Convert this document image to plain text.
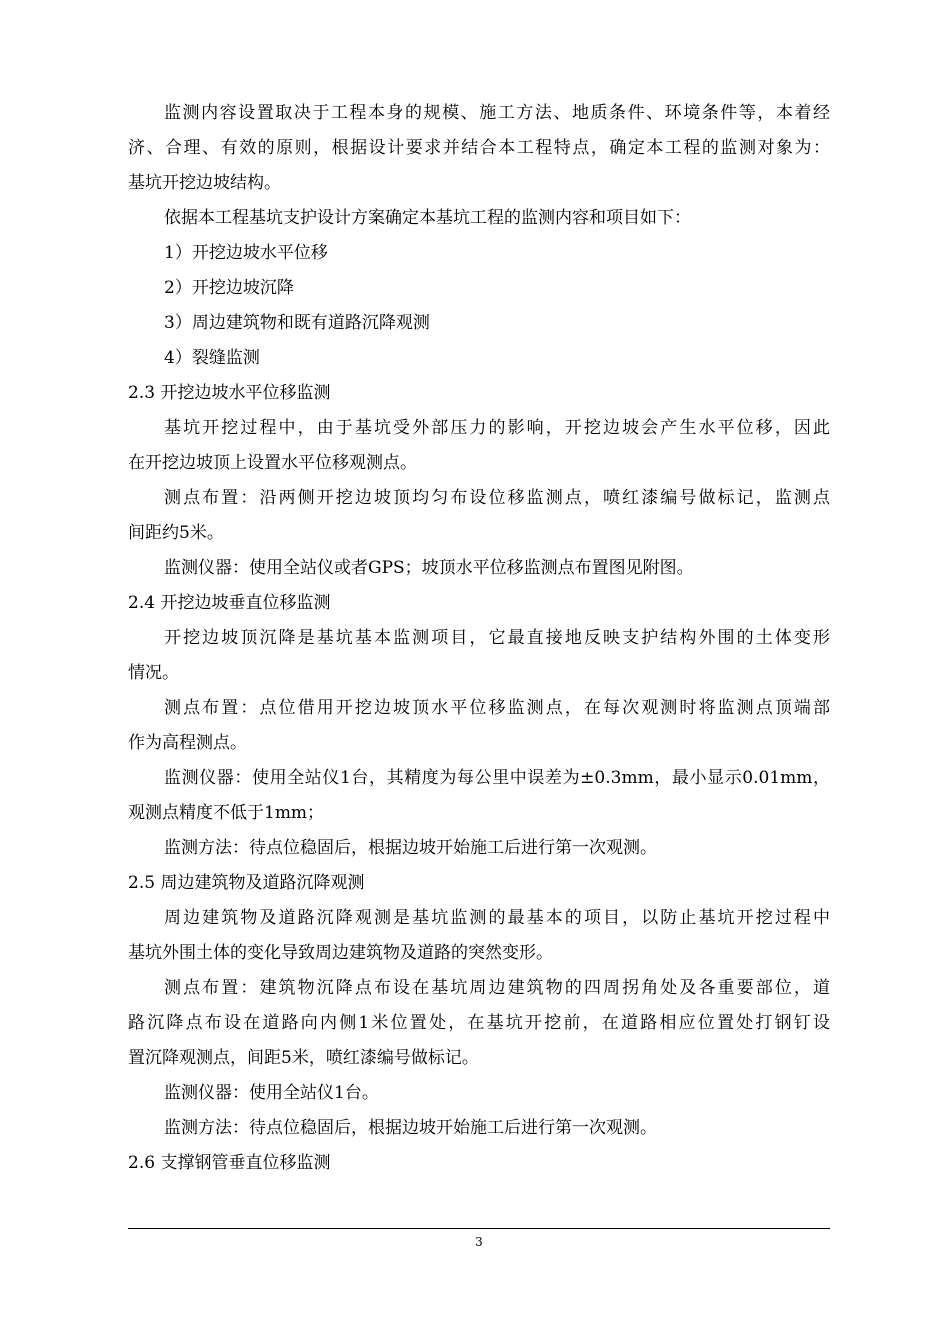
监测内容设置取决于工程本身的规模、施工方法、地质条件、环境条件等，本着经
济、合理、有效的原则，根据设计要求并结合本工程特点，确定本工程的监测对象为：
基坑开挖边坡结构。
依据本工程基坑支护设计方案确定本基坑工程的监测内容和项目如下：
1）开挖边坡水平位移
2）开挖边坡沉降
3）周边建筑物和既有道路沉降观测
4）裂缝监测
2.3 开挖边坡水平位移监测
基坑开挖过程中，由于基坑受外部压力的影响，开挖边坡会产生水平位移，因此
在开挖边坡顶上设置水平位移观测点。
测点布置：沿两侧开挖边坡顶均匀布设位移监测点，喷红漆编号做标记，监测点
间距约5米。
监测仪器：使用全站仪或者GPS；坡顶水平位移监测点布置图见附图。
2.4 开挖边坡垂直位移监测
开挖边坡顶沉降是基坑基本监测项目，它最直接地反映支护结构外围的土体变形
情况。
测点布置：点位借用开挖边坡顶水平位移监测点，在每次观测时将监测点顶端部
作为高程测点。
监测仪器：使用全站仪1台，其精度为每公里中误差为±0.3mm，最小显示0.01mm，
观测点精度不低于1mm；
监测方法：待点位稳固后，根据边坡开始施工后进行第一次观测。
2.5 周边建筑物及道路沉降观测
周边建筑物及道路沉降观测是基坑监测的最基本的项目，以防止基坑开挖过程中
基坑外围土体的变化导致周边建筑物及道路的突然变形。
测点布置：建筑物沉降点布设在基坑周边建筑物的四周拐角处及各重要部位，道
路沉降点布设在道路向内侧1米位置处，在基坑开挖前，在道路相应位置处打钢钉设
置沉降观测点，间距5米，喷红漆编号做标记。
监测仪器：使用全站仪1台。
监测方法：待点位稳固后，根据边坡开始施工后进行第一次观测。
2.6 支撑钢管垂直位移监测
3
